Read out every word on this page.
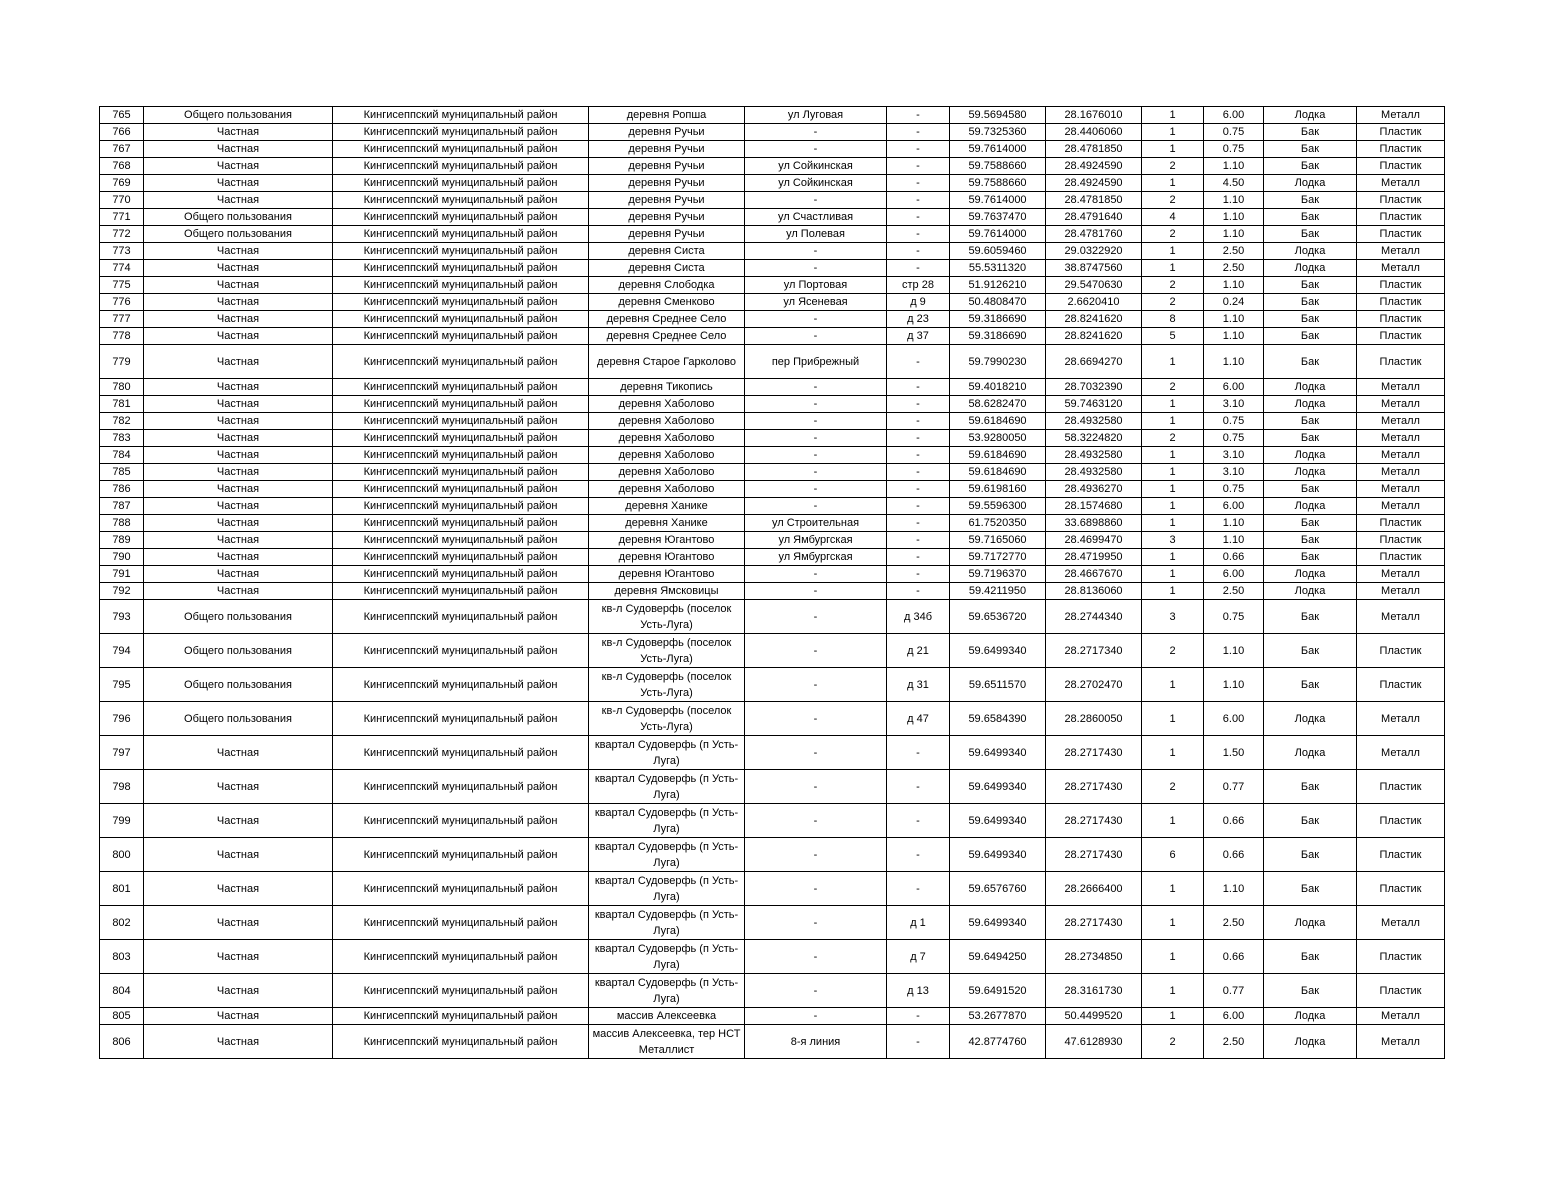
765	Общего пользования	Кингисеппский муниципальный район	деревня Ропша	ул Луговая	-	59.5694580	28.1676010	1	6.00	Лодка	Металл
766	Частная	Кингисеппский муниципальный район	деревня Ручьи	-	-	59.7325360	28.4406060	1	0.75	Бак	Пластик
767	Частная	Кингисеппский муниципальный район	деревня Ручьи	-	-	59.7614000	28.4781850	1	0.75	Бак	Пластик
768	Частная	Кингисеппский муниципальный район	деревня Ручьи	ул Сойкинская	-	59.7588660	28.4924590	2	1.10	Бак	Пластик
769	Частная	Кингисеппский муниципальный район	деревня Ручьи	ул Сойкинская	-	59.7588660	28.4924590	1	4.50	Лодка	Металл
770	Частная	Кингисеппский муниципальный район	деревня Ручьи	-	-	59.7614000	28.4781850	2	1.10	Бак	Пластик
771	Общего пользования	Кингисеппский муниципальный район	деревня Ручьи	ул Счастливая	-	59.7637470	28.4791640	4	1.10	Бак	Пластик
772	Общего пользования	Кингисеппский муниципальный район	деревня Ручьи	ул Полевая	-	59.7614000	28.4781760	2	1.10	Бак	Пластик
773	Частная	Кингисеппский муниципальный район	деревня Систа	-	-	59.6059460	29.0322920	1	2.50	Лодка	Металл
774	Частная	Кингисеппский муниципальный район	деревня Систа	-	-	55.5311320	38.8747560	1	2.50	Лодка	Металл
775	Частная	Кингисеппский муниципальный район	деревня Слободка	ул Портовая	стр 28	51.9126210	29.5470630	2	1.10	Бак	Пластик
776	Частная	Кингисеппский муниципальный район	деревня Сменково	ул Ясеневая	д 9	50.4808470	2.6620410	2	0.24	Бак	Пластик
777	Частная	Кингисеппский муниципальный район	деревня Среднее Село	-	д 23	59.3186690	28.8241620	8	1.10	Бак	Пластик
778	Частная	Кингисеппский муниципальный район	деревня Среднее Село	-	д 37	59.3186690	28.8241620	5	1.10	Бак	Пластик
779	Частная	Кингисеппский муниципальный район	деревня Старое Гарколово	пер Прибрежный	-	59.7990230	28.6694270	1	1.10	Бак	Пластик
780	Частная	Кингисеппский муниципальный район	деревня Тикопись	-	-	59.4018210	28.7032390	2	6.00	Лодка	Металл
781	Частная	Кингисеппский муниципальный район	деревня Хаболово	-	-	58.6282470	59.7463120	1	3.10	Лодка	Металл
782	Частная	Кингисеппский муниципальный район	деревня Хаболово	-	-	59.6184690	28.4932580	1	0.75	Бак	Металл
783	Частная	Кингисеппский муниципальный район	деревня Хаболово	-	-	53.9280050	58.3224820	2	0.75	Бак	Металл
784	Частная	Кингисеппский муниципальный район	деревня Хаболово	-	-	59.6184690	28.4932580	1	3.10	Лодка	Металл
785	Частная	Кингисеппский муниципальный район	деревня Хаболово	-	-	59.6184690	28.4932580	1	3.10	Лодка	Металл
786	Частная	Кингисеппский муниципальный район	деревня Хаболово	-	-	59.6198160	28.4936270	1	0.75	Бак	Металл
787	Частная	Кингисеппский муниципальный район	деревня Ханике	-	-	59.5596300	28.1574680	1	6.00	Лодка	Металл
788	Частная	Кингисеппский муниципальный район	деревня Ханике	ул Строительная	-	61.7520350	33.6898860	1	1.10	Бак	Пластик
789	Частная	Кингисеппский муниципальный район	деревня Югантово	ул Ямбургская	-	59.7165060	28.4699470	3	1.10	Бак	Пластик
790	Частная	Кингисеппский муниципальный район	деревня Югантово	ул Ямбургская	-	59.7172770	28.4719950	1	0.66	Бак	Пластик
791	Частная	Кингисеппский муниципальный район	деревня Югантово	-	-	59.7196370	28.4667670	1	6.00	Лодка	Металл
792	Частная	Кингисеппский муниципальный район	деревня Ямсковицы	-	-	59.4211950	28.8136060	1	2.50	Лодка	Металл
793	Общего пользования	Кингисеппский муниципальный район	кв-л Судоверфь (поселок Усть-Луга)	-	д 34б	59.6536720	28.2744340	3	0.75	Бак	Металл
794	Общего пользования	Кингисеппский муниципальный район	кв-л Судоверфь (поселок Усть-Луга)	-	д 21	59.6499340	28.2717340	2	1.10	Бак	Пластик
795	Общего пользования	Кингисеппский муниципальный район	кв-л Судоверфь (поселок Усть-Луга)	-	д 31	59.6511570	28.2702470	1	1.10	Бак	Пластик
796	Общего пользования	Кингисеппский муниципальный район	кв-л Судоверфь (поселок Усть-Луга)	-	д 47	59.6584390	28.2860050	1	6.00	Лодка	Металл
797	Частная	Кингисеппский муниципальный район	квартал Судоверфь (п Усть-Луга)	-	-	59.6499340	28.2717430	1	1.50	Лодка	Металл
798	Частная	Кингисеппский муниципальный район	квартал Судоверфь (п Усть-Луга)	-	-	59.6499340	28.2717430	2	0.77	Бак	Пластик
799	Частная	Кингисеппский муниципальный район	квартал Судоверфь (п Усть-Луга)	-	-	59.6499340	28.2717430	1	0.66	Бак	Пластик
800	Частная	Кингисеппский муниципальный район	квартал Судоверфь (п Усть-Луга)	-	-	59.6499340	28.2717430	6	0.66	Бак	Пластик
801	Частная	Кингисеппский муниципальный район	квартал Судоверфь (п Усть-Луга)	-	-	59.6576760	28.2666400	1	1.10	Бак	Пластик
802	Частная	Кингисеппский муниципальный район	квартал Судоверфь (п Усть-Луга)	-	д 1	59.6499340	28.2717430	1	2.50	Лодка	Металл
803	Частная	Кингисеппский муниципальный район	квартал Судоверфь (п Усть-Луга)	-	д 7	59.6494250	28.2734850	1	0.66	Бак	Пластик
804	Частная	Кингисеппский муниципальный район	квартал Судоверфь (п Усть-Луга)	-	д 13	59.6491520	28.3161730	1	0.77	Бак	Пластик
805	Частная	Кингисеппский муниципальный район	массив Алексеевка	-	-	53.2677870	50.4499520	1	6.00	Лодка	Металл
806	Частная	Кингисеппский муниципальный район	массив Алексеевка, тер НСТ Металлист	8-я линия	-	42.8774760	47.6128930	2	2.50	Лодка	Металл
